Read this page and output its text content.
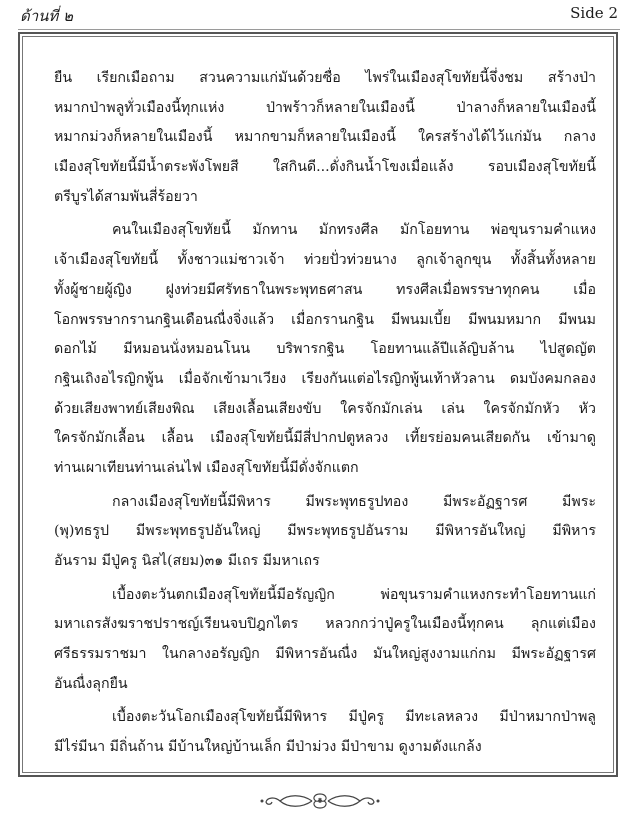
ด้านที่ ๒	Side 2
ยืน เรียกเมือถาม สวนความแก่มันด้วยซื่อ ไพร่ในเมืองสุโขทัยนี้จึ่งชม สร้างป่า
หมากป่าพลูทั่วเมืองนี้ทุกแห่ง ป่าพร้าวก็หลายในเมืองนี้ ป่าลางก็หลายในเมืองนี้
หมากม่วงก็หลายในเมืองนี้ หมากขามก็หลายในเมืองนี้ ใครสร้างได้ไว้แก่มัน กลาง
เมืองสุโขทัยนี้มีน้ำตระพังโพยสี ใสกินดี...ดั่งกินน้ำโขงเมื่อแล้ง รอบเมืองสุโขทัยนี้
ตรีบูรได้สามพันสี่ร้อยวา
คนในเมืองสุโขทัยนี้ มักทาน มักทรงศีล มักโอยทาน พ่อขุนรามคำแหง
เจ้าเมืองสุโขทัยนี้ ทั้งชาวแม่ชาวเจ้า ท่วยปั่วท่วยนาง ลูกเจ้าลูกขุน ทั้งสิ้นทั้งหลาย
ทั้งผู้ชายผู้ญิง ฝูงท่วยมีศรัทธาในพระพุทธศาสน ทรงศีลเมื่อพรรษาทุกคน เมื่อ
โอกพรรษากรานกฐินเดือนณื่งจิ่งแล้ว เมื่อกรานกฐิน มีพนมเบี้ย มีพนมหมาก มีพนม
ดอกไม้ มีหมอนนั่งหมอนโนน บริพารกฐิน โอยทานแล้ปีแล้ญิบล้าน ไปสูดญัต
กฐินเถิงอไรญิกพู้น เมื่อจักเข้ามาเวียง เรียงกันแต่อไรญิกพู้นเท้าหัวลาน ดมบังคมกลอง
ด้วยเสียงพาทย์เสียงพิณ เสียงเลื้อนเสียงขับ ใครจักมักเล่น เล่น ใครจักมักหัว หัว
ใครจักมักเลื้อน เลื้อน เมืองสุโขทัยนี้มีสี่ปากปตูหลวง เที้ยรย่อมคนเสียดกัน เข้ามาดู
ท่านเผาเทียนท่านเล่นไฟ เมืองสุโขทัยนี้มีดั่งจักแตก
กลางเมืองสุโขทัยนี้มีพิหาร มีพระพุทธรูปทอง มีพระอัฏฐารศ มีพระ
(พุ)ทธรูป มีพระพุทธรูปอันใหญ่ มีพระพุทธรูปอันราม มีพิหารอันใหญ่ มีพิหาร
อันราม มีปู่ครู นิสไ(สยม)๓๑ มีเถร มีมหาเถร
เบื้องตะวันตกเมืองสุโขทัยนี้มีอรัญญิก พ่อขุนรามคำแหงกระทำโอยทานแก่
มหาเถรสังฆราชปราชญ์เรียนจบปิฎกไตร หลวกกว่าปู่ครูในเมืองนี้ทุกคน ลุกแต่เมือง
ศรีธรรมราชมา ในกลางอรัญญิก มีพิหารอันณื่ง มันใหญ่สูงงามแก่กม มีพระอัฏฐารศ
อันณื่งลุกยืน
เบื้องตะวันโอกเมืองสุโขทัยนี้มีพิหาร มีปู่ครู มีทะเลหลวง มีป่าหมากป่าพลู
มีไร่มีนา มีถิ่นถ้าน มีบ้านใหญ่บ้านเล็ก มีป่าม่วง มีป่าขาม ดูงามดังแกล้ง
